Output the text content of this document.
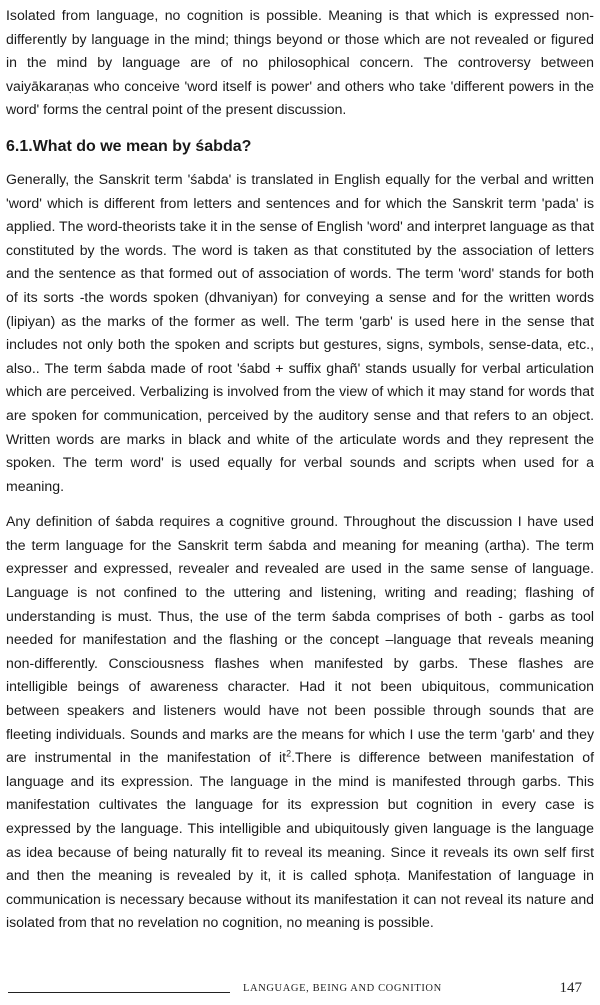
Isolated from language, no cognition is possible. Meaning is that which is expressed non-differently by language in the mind; things beyond or those which are not revealed or figured in the mind by language are of no philosophical concern. The controversy between vaiyākaraṇas who conceive 'word itself is power' and others who take 'different powers in the word' forms the central point of the present discussion.

6.1.What do we mean by śabda?

Generally, the Sanskrit term 'śabda' is translated in English equally for the verbal and written 'word' which is different from letters and sentences and for which the Sanskrit term 'pada' is applied. The word-theorists take it in the sense of English 'word' and interpret language as that constituted by the words. The word is taken as that constituted by the association of letters and the sentence as that formed out of association of words. The term 'word' stands for both of its sorts -the words spoken (dhvaniyan) for conveying a sense and for the written words (lipiyan) as the marks of the former as well. The term 'garb' is used here in the sense that includes not only both the spoken and scripts but gestures, signs, symbols, sense-data, etc., also.. The term śabda made of root 'śabd + suffix ghañ' stands usually for verbal articulation which are perceived. Verbalizing is involved from the view of which it may stand for words that are spoken for communication, perceived by the auditory sense and that refers to an object. Written words are marks in black and white of the articulate words and they represent the spoken. The term word' is used equally for verbal sounds and scripts when used for a meaning.

Any definition of śabda requires a cognitive ground. Throughout the discussion I have used the term language for the Sanskrit term śabda and meaning for meaning (artha). The term expresser and expressed, revealer and revealed are used in the same sense of language. Language is not confined to the uttering and listening, writing and reading; flashing of understanding is must. Thus, the use of the term śabda comprises of both - garbs as tool needed for manifestation and the flashing or the concept –language that reveals meaning non-differently. Consciousness flashes when manifested by garbs. These flashes are intelligible beings of awareness character. Had it not been ubiquitous, communication between speakers and listeners would have not been possible through sounds that are fleeting individuals. Sounds and marks are the means for which I use the term 'garb' and they are instrumental in the manifestation of $it^2.There$ is difference between manifestation of language and its expression. The language in the mind is manifested through garbs. This manifestation cultivates the language for its expression but cognition in every case is expressed by the language. This intelligible and ubiquitously given language is the language as idea because of being naturally fit to reveal its meaning. Since it reveals its own self first and then the meaning is revealed by it, it is called sphoṭa. Manifestation of language in communication is necessary because without its manifestation it can not reveal its nature and isolated from that no revelation no cognition, no meaning is possible.

LANGUAGE, BEING AND COGNITION	147
